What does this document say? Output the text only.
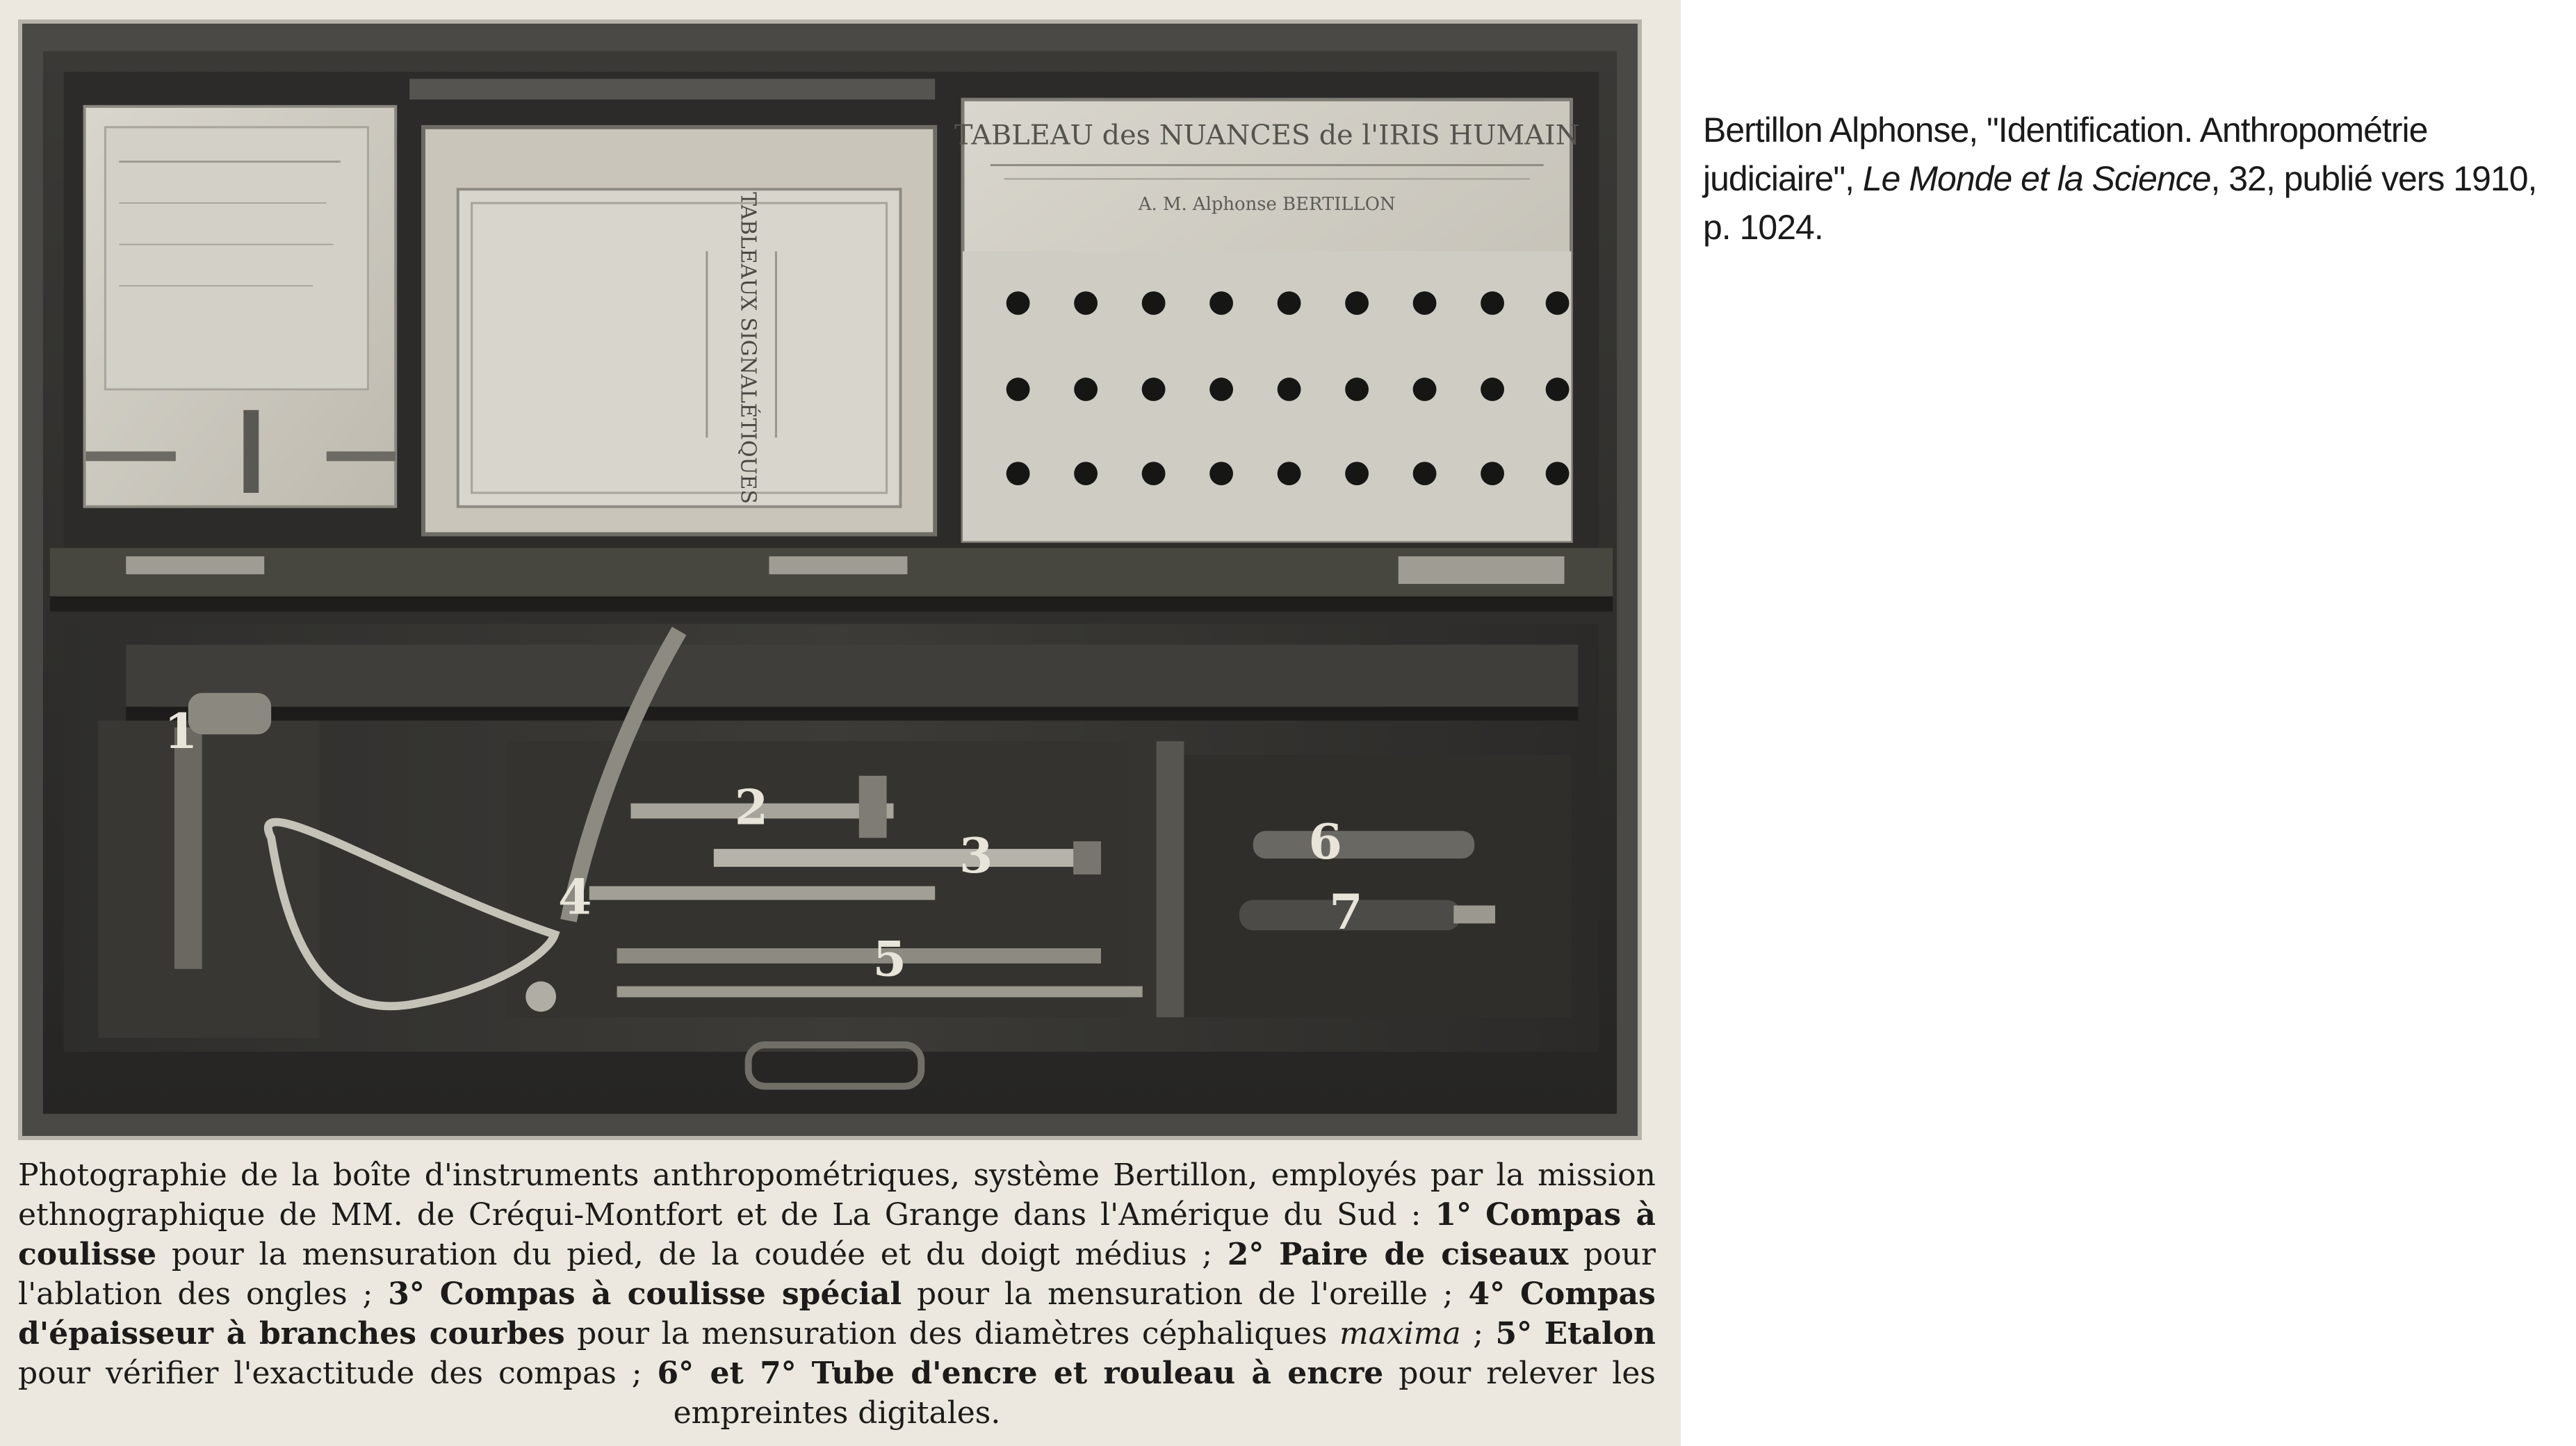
TABLEAUX SIGNALÉTIQUES
TABLEAU des NUANCES de l'IRIS HUMAIN
A. M. Alphonse BERTILLON
1
2
3
4
5
6
7
Photographie de la boîte d'instruments anthropométriques, système Bertillon, employés par la mission ethnographique de MM. de Créqui-Montfort et de La Grange dans l'Amérique du Sud : 1° Compas à coulisse pour la mensuration du pied, de la coudée et du doigt médius ; 2° Paire de ciseaux pour l'ablation des ongles ; 3° Compas à coulisse spécial pour la mensuration de l'oreille ; 4° Compas d'épaisseur à branches courbes pour la mensuration des diamètres céphaliques maxima ; 5° Etalon pour vérifier l'exactitude des compas ; 6° et 7° Tube d'encre et rouleau à encre pour relever les empreintes digitales.
Bertillon Alphonse, "Identification. Anthropométrie judiciaire", Le Monde et la Science, 32, publié vers 1910, p. 1024.
